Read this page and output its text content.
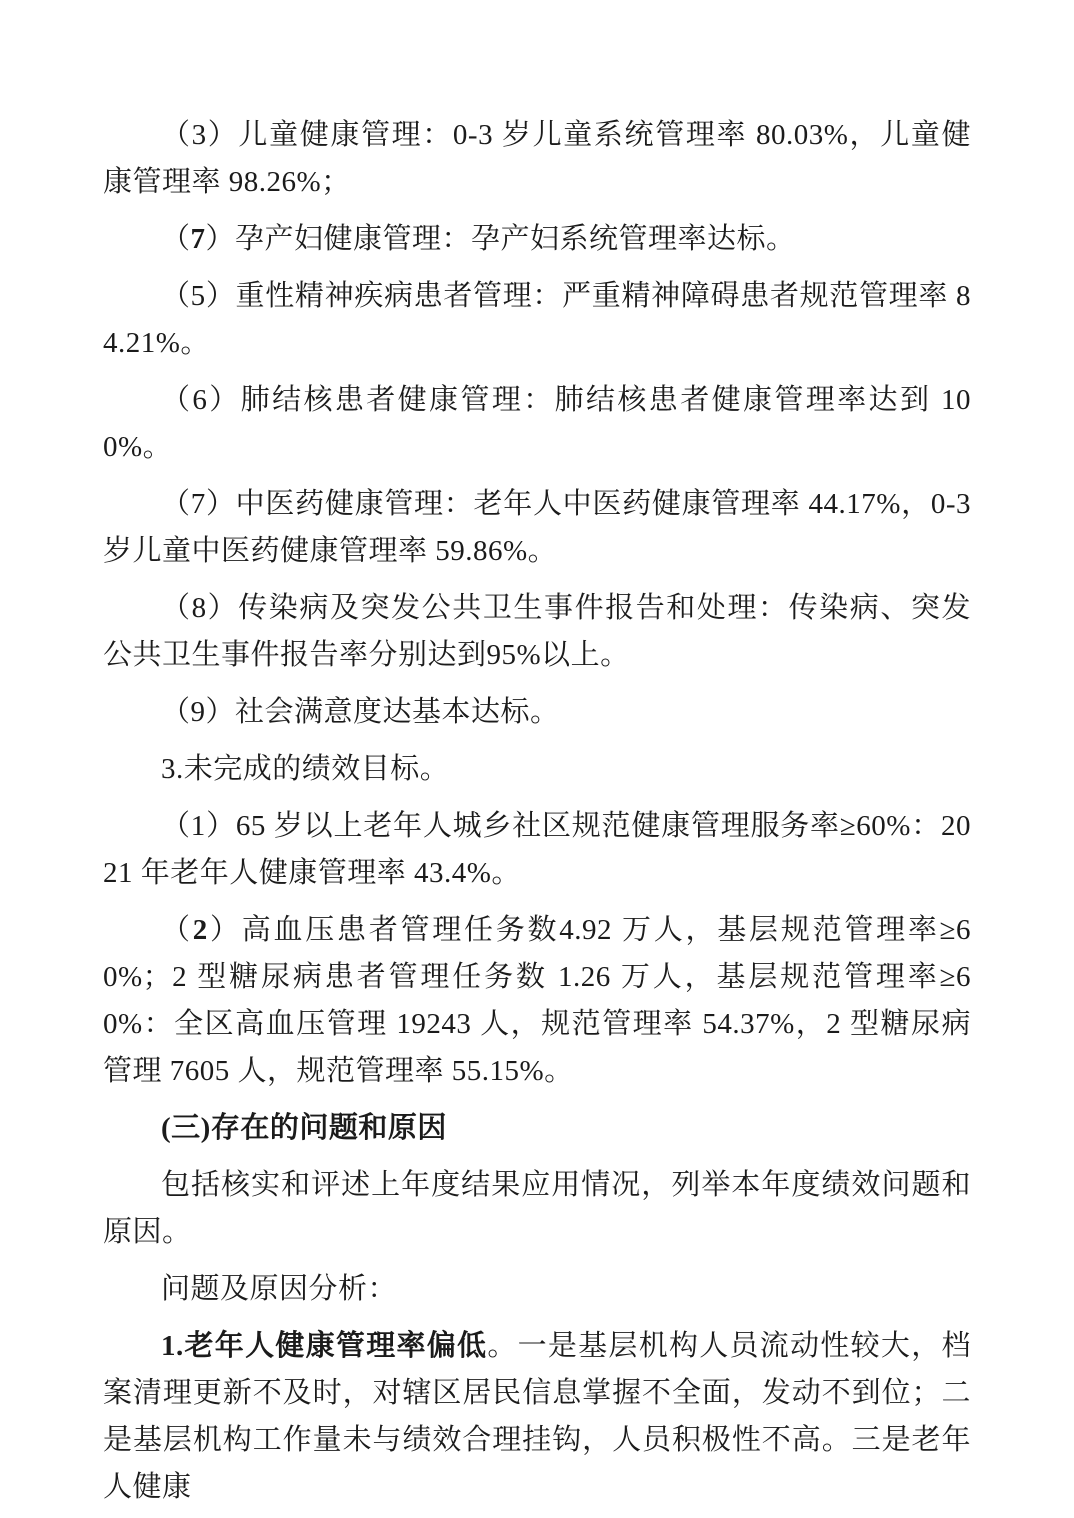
（3）儿童健康管理：0-3 岁儿童系统管理率 80.03%，儿童健康管理率 98.26%；

（7）孕产妇健康管理：孕产妇系统管理率达标。

（5）重性精神疾病患者管理：严重精神障碍患者规范管理率 84.21%。

（6）肺结核患者健康管理：肺结核患者健康管理率达到 100%。

（7）中医药健康管理：老年人中医药健康管理率 44.17%，0-3 岁儿童中医药健康管理率 59.86%。

（8）传染病及突发公共卫生事件报告和处理：传染病、突发公共卫生事件报告率分别达到95%以上。

（9）社会满意度达基本达标。

3.未完成的绩效目标。

（1）65 岁以上老年人城乡社区规范健康管理服务率≥60%：2021 年老年人健康管理率 43.4%。

（2）高血压患者管理任务数4.92 万人，基层规范管理率≥60%；2 型糖尿病患者管理任务数 1.26 万人，基层规范管理率≥60%：全区高血压管理 19243 人，规范管理率 54.37%，2 型糖尿病管理 7605 人，规范管理率 55.15%。

(三)存在的问题和原因

包括核实和评述上年度结果应用情况，列举本年度绩效问题和原因。

问题及原因分析：

1.老年人健康管理率偏低。一是基层机构人员流动性较大，档案清理更新不及时，对辖区居民信息掌握不全面，发动不到位；二是基层机构工作量未与绩效合理挂钩，人员积极性不高。三是老年人健康
